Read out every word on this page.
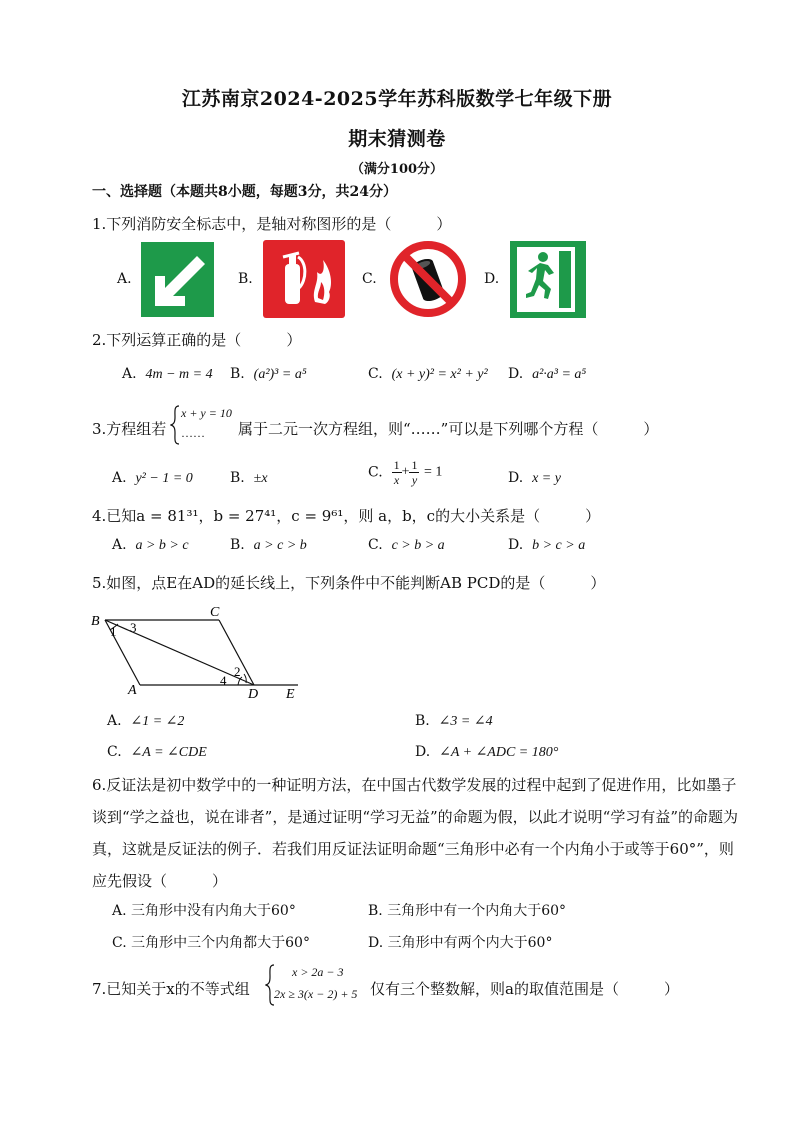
江苏南京2024-2025学年苏科版数学七年级下册
期末猜测卷
（满分100分）
一、选择题（本题共8小题，每题3分，共24分）
1.下列消防安全标志中，是轴对称图形的是（　　　）
A.	B.	C.	D.
2.下列运算正确的是（　　　）
A. 4m − m = 4 B. (a²)³ = a⁵	C. (x + y)² = x² + y² D. a²·a³ = a⁵
3.方程组若
x + y = 10
…… 属于二元一次方程组，则“……”可以是下列哪个方程（　　　）
A. y² − 1 = 0	B. ±x	C. $\frac{1}{x} + \frac{1}{y} = 1$	D. x = y
4.已知a = 81³¹，b = 27⁴¹，c = 9⁶¹，则 a，b，c的大小关系是（　　　）
A. a > b > c	B. a > c > b	C. c > b > a	D. b > c > a
5.如图，点E在AD的延长线上，下列条件中不能判断AB PCD的是（　　　）
B
C
A	D E
1 3
2
4
A. ∠1 = ∠2	B. ∠3 = ∠4
C. ∠A = ∠CDE	D. ∠A + ∠ADC = 180°
6.反证法是初中数学中的一种证明方法，在中国古代数学发展的过程中起到了促进作用，比如墨子谈到“学之益也，说在诽者”，是通过证明“学习无益”的命题为假，以此才说明“学习有益”的命题为真，这就是反证法的例子．若我们用反证法证明命题“三角形中必有一个内角小于或等于60°”，则应先假设（　　　）
A. 三角形中没有内角大于60°	B. 三角形中有一个内角大于60°
C. 三角形中三个内角都大于60°	D. 三角形中有两个内大于60°
7.已知关于x的不等式组
x > 2a − 3
2x ≥ 3(x − 2) + 5 仅有三个整数解，则a的取值范围是（　　　）
